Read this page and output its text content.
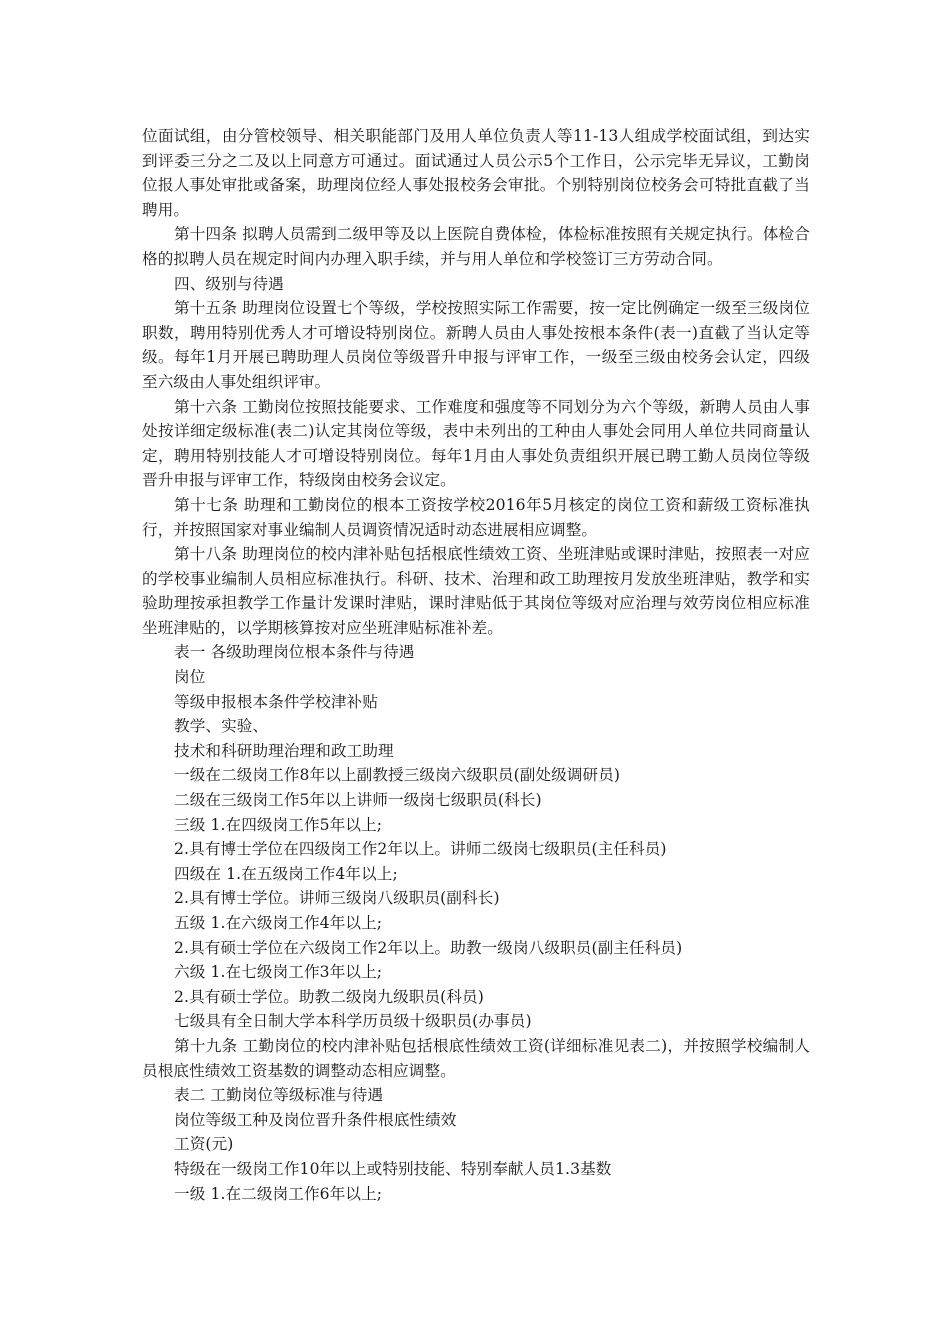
位面试组，由分管校领导、相关职能部门及用人单位负责人等11-13人组成学校面试组，到达实到评委三分之二及以上同意方可通过。面试通过人员公示5个工作日，公示完毕无异议，工勤岗位报人事处审批或备案，助理岗位经人事处报校务会审批。个别特别岗位校务会可特批直截了当聘用。

第十四条 拟聘人员需到二级甲等及以上医院自费体检，体检标准按照有关规定执行。体检合格的拟聘人员在规定时间内办理入职手续，并与用人单位和学校签订三方劳动合同。

四、级别与待遇

第十五条 助理岗位设置七个等级，学校按照实际工作需要，按一定比例确定一级至三级岗位职数，聘用特别优秀人才可增设特别岗位。新聘人员由人事处按根本条件(表一)直截了当认定等级。每年1月开展已聘助理人员岗位等级晋升申报与评审工作，一级至三级由校务会认定，四级至六级由人事处组织评审。

第十六条 工勤岗位按照技能要求、工作难度和强度等不同划分为六个等级，新聘人员由人事处按详细定级标准(表二)认定其岗位等级，表中未列出的工种由人事处会同用人单位共同商量认定，聘用特别技能人才可增设特别岗位。每年1月由人事处负责组织开展已聘工勤人员岗位等级晋升申报与评审工作，特级岗由校务会议定。

第十七条 助理和工勤岗位的根本工资按学校2016年5月核定的岗位工资和薪级工资标准执行，并按照国家对事业编制人员调资情况适时动态进展相应调整。

第十八条 助理岗位的校内津补贴包括根底性绩效工资、坐班津贴或课时津贴，按照表一对应的学校事业编制人员相应标准执行。科研、技术、治理和政工助理按月发放坐班津贴，教学和实验助理按承担教学工作量计发课时津贴，课时津贴低于其岗位等级对应治理与效劳岗位相应标准坐班津贴的，以学期核算按对应坐班津贴标准补差。

表一 各级助理岗位根本条件与待遇

岗位

等级申报根本条件学校津补贴

教学、实验、

技术和科研助理治理和政工助理

一级在二级岗工作8年以上副教授三级岗六级职员(副处级调研员)

二级在三级岗工作5年以上讲师一级岗七级职员(科长)

三级 1.在四级岗工作5年以上;

2.具有博士学位在四级岗工作2年以上。讲师二级岗七级职员(主任科员)

四级在 1.在五级岗工作4年以上;

2.具有博士学位。讲师三级岗八级职员(副科长)

五级 1.在六级岗工作4年以上;

2.具有硕士学位在六级岗工作2年以上。助教一级岗八级职员(副主任科员)

六级 1.在七级岗工作3年以上;

2.具有硕士学位。助教二级岗九级职员(科员)

七级具有全日制大学本科学历员级十级职员(办事员)

第十九条 工勤岗位的校内津补贴包括根底性绩效工资(详细标准见表二)，并按照学校编制人员根底性绩效工资基数的调整动态相应调整。

表二 工勤岗位等级标准与待遇

岗位等级工种及岗位晋升条件根底性绩效

工资(元)

特级在一级岗工作10年以上或特别技能、特别奉献人员1.3基数

一级 1.在二级岗工作6年以上;
